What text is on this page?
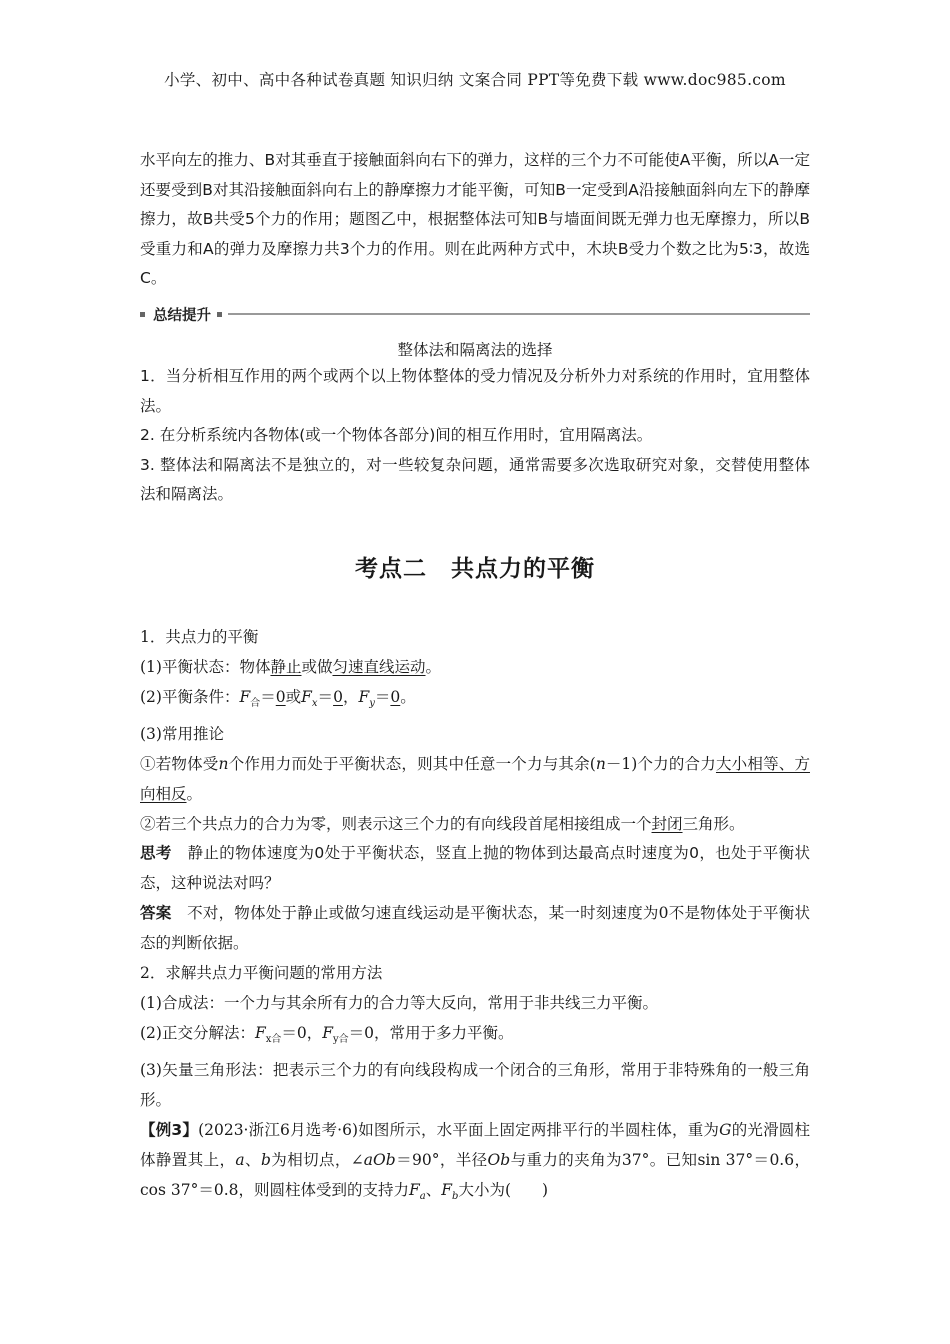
小学、初中、高中各种试卷真题 知识归纳 文案合同 PPT等免费下载 www.doc985.com

水平向左的推力、B对其垂直于接触面斜向右下的弹力，这样的三个力不可能使A平衡，所以A一定还要受到B对其沿接触面斜向右上的静摩擦力才能平衡，可知B一定受到A沿接触面斜向左下的静摩擦力，故B共受5个力的作用；题图乙中，根据整体法可知B与墙面间既无弹力也无摩擦力，所以B受重力和A的弹力及摩擦力共3个力的作用。则在此两种方式中，木块B受力个数之比为5∶3，故选C。

总结提升
整体法和隔离法的选择

1．当分析相互作用的两个或两个以上物体整体的受力情况及分析外力对系统的作用时，宜用整体法。

2. 在分析系统内各物体(或一个物体各部分)间的相互作用时，宜用隔离法。

3. 整体法和隔离法不是独立的，对一些较复杂问题，通常需要多次选取研究对象，交替使用整体法和隔离法。

考点二　共点力的平衡

1．共点力的平衡

(1)平衡状态：物体静止或做匀速直线运动。

(2)平衡条件：$F_合=0$或$F_x=0$，$F_y=0$。

(3)常用推论

①若物体受n个作用力而处于平衡状态，则其中任意一个力与其余(n－1)个力的合力大小相等、方向相反。

②若三个共点力的合力为零，则表示这三个力的有向线段首尾相接组成一个封闭三角形。

思考　 静止的物体速度为0处于平衡状态，竖直上抛的物体到达最高点时速度为0，也处于平衡状态，这种说法对吗？

答案　 不对，物体处于静止或做匀速直线运动是平衡状态，某一时刻速度为0不是物体处于平衡状态的判断依据。

2．求解共点力平衡问题的常用方法

(1)合成法：一个力与其余所有力的合力等大反向，常用于非共线三力平衡。

(2)正交分解法：$F_{x合}=0$，$F_{y合}=0$，常用于多力平衡。

(3)矢量三角形法：把表示三个力的有向线段构成一个闭合的三角形，常用于非特殊角的一般三角形。

【例3】(2023·浙江6月选考·6)如图所示，水平面上固定两排平行的半圆柱体，重为G的光滑圆柱体静置其上，a、b为相切点，∠aOb＝90°，半径Ob与重力的夹角为37°。已知sin 37°＝0.6，cos 37°＝0.8，则圆柱体受到的支持力$F_a$、$F_b$大小为(　　)
